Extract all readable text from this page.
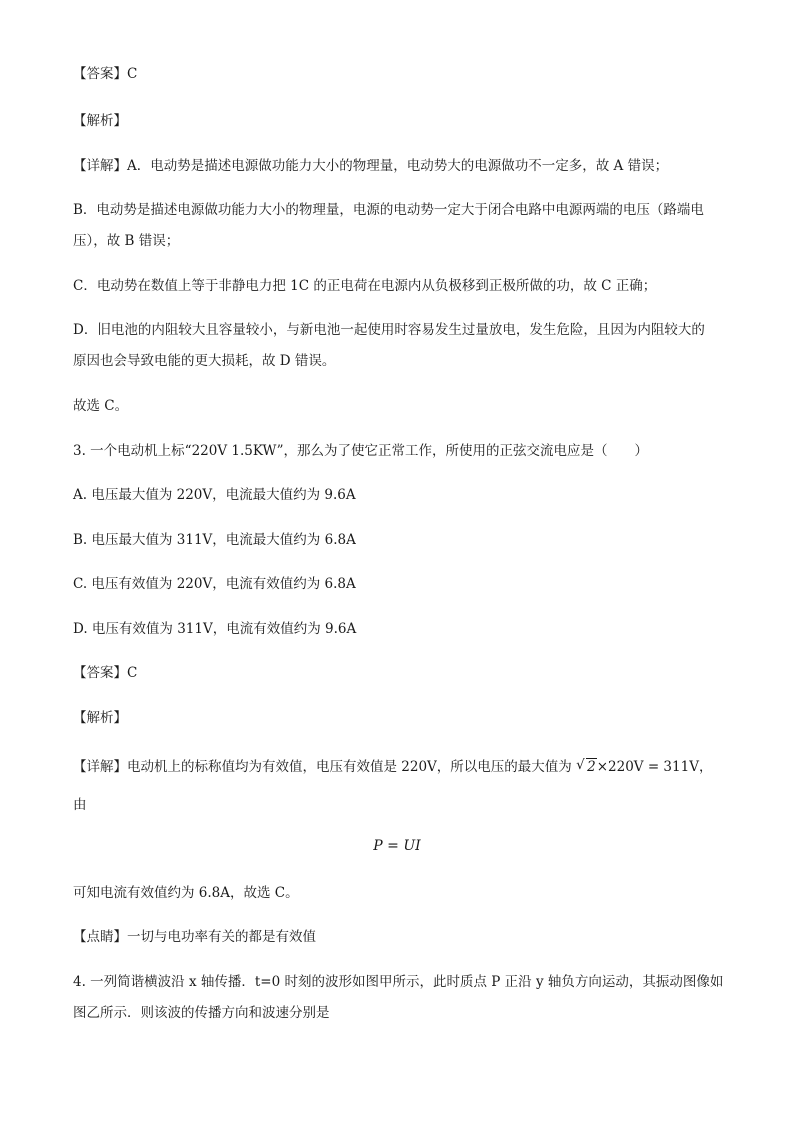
【答案】C
【解析】
【详解】A．电动势是描述电源做功能力大小的物理量，电动势大的电源做功不一定多，故 A 错误；
B．电动势是描述电源做功能力大小的物理量，电源的电动势一定大于闭合电路中电源两端的电压（路端电
压），故 B 错误；
C．电动势在数值上等于非静电力把 1C 的正电荷在电源内从负极移到正极所做的功，故 C 正确；
D．旧电池的内阻较大且容量较小，与新电池一起使用时容易发生过量放电，发生危险，且因为内阻较大的
原因也会导致电能的更大损耗，故 D 错误。
故选 C。
3. 一个电动机上标“220V 1.5KW”，那么为了使它正常工作，所使用的正弦交流电应是（　　）
A. 电压最大值为 220V，电流最大值约为 9.6A
B. 电压最大值为 311V，电流最大值约为 6.8A
C. 电压有效值为 220V，电流有效值约为 6.8A
D. 电压有效值为 311V，电流有效值约为 9.6A
【答案】C
【解析】
【详解】电动机上的标称值均为有效值，电压有效值是 220V，所以电压的最大值为 √ 2×220V = 311V，
由
P = UI
可知电流有效值约为 6.8A，故选 C。
【点睛】一切与电功率有关的都是有效值
4. 一列简谐横波沿 x 轴传播．t=0 时刻的波形如图甲所示，此时质点 P 正沿 y 轴负方向运动，其振动图像如
图乙所示．则该波的传播方向和波速分别是
